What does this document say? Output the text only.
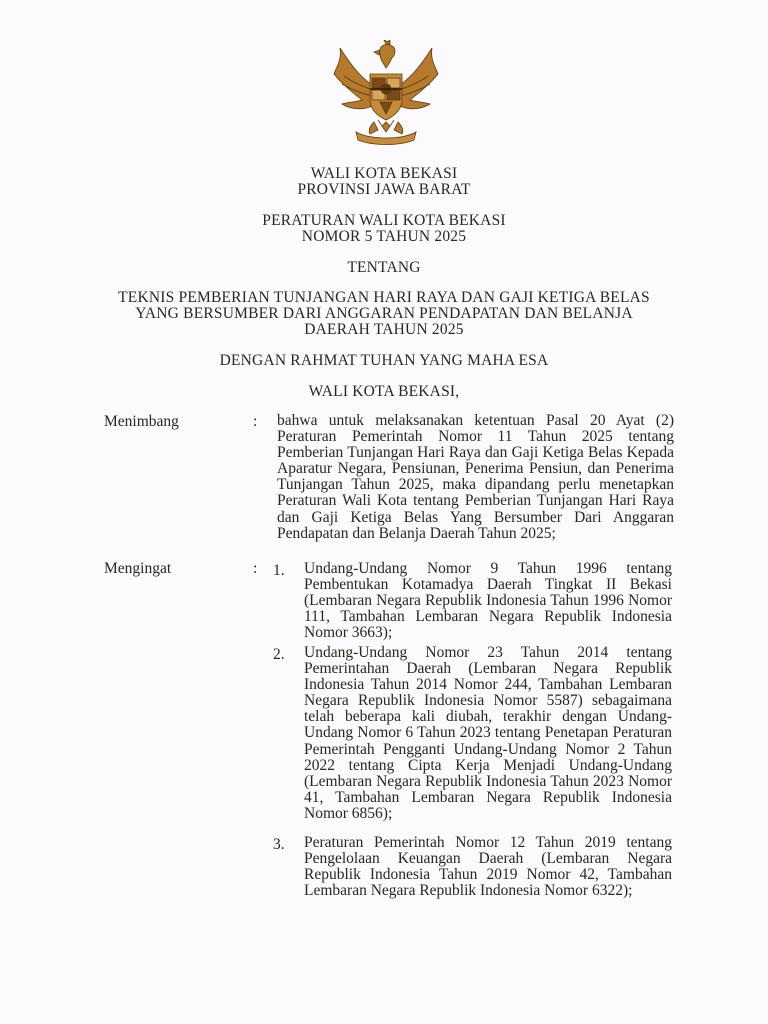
WALI KOTA BEKASI
PROVINSI JAWA BARAT
PERATURAN WALI KOTA BEKASI
NOMOR 5 TAHUN 2025
TENTANG
TEKNIS PEMBERIAN TUNJANGAN HARI RAYA DAN GAJI KETIGA BELAS
YANG BERSUMBER DARI ANGGARAN PENDAPATAN DAN BELANJA
DAERAH TAHUN 2025
DENGAN RAHMAT TUHAN YANG MAHA ESA
WALI KOTA BEKASI,
Menimbang	: bahwa untuk melaksanakan ketentuan Pasal 20 Ayat (2) Peraturan Pemerintah Nomor 11 Tahun 2025 tentang Pemberian Tunjangan Hari Raya dan Gaji Ketiga Belas Kepada Aparatur Negara, Pensiunan, Penerima Pensiun, dan Penerima Tunjangan Tahun 2025, maka dipandang perlu menetapkan Peraturan Wali Kota tentang Pemberian Tunjangan Hari Raya dan Gaji Ketiga Belas Yang Bersumber Dari Anggaran Pendapatan dan Belanja Daerah Tahun 2025;

Mengingat	: 1. Undang-Undang Nomor 9 Tahun 1996 tentang Pembentukan Kotamadya Daerah Tingkat II Bekasi (Lembaran Negara Republik Indonesia Tahun 1996 Nomor 111, Tambahan Lembaran Negara Republik Indonesia Nomor 3663);

2. Undang-Undang Nomor 23 Tahun 2014 tentang Pemerintahan Daerah (Lembaran Negara Republik Indonesia Tahun 2014 Nomor 244, Tambahan Lembaran Negara Republik Indonesia Nomor 5587) sebagaimana telah beberapa kali diubah, terakhir dengan Undang-Undang Nomor 6 Tahun 2023 tentang Penetapan Peraturan Pemerintah Pengganti Undang-Undang Nomor 2 Tahun 2022 tentang Cipta Kerja Menjadi Undang-Undang (Lembaran Negara Republik Indonesia Tahun 2023 Nomor 41, Tambahan Lembaran Negara Republik Indonesia Nomor 6856);

3. Peraturan Pemerintah Nomor 12 Tahun 2019 tentang Pengelolaan Keuangan Daerah (Lembaran Negara Republik Indonesia Tahun 2019 Nomor 42, Tambahan Lembaran Negara Republik Indonesia Nomor 6322);
